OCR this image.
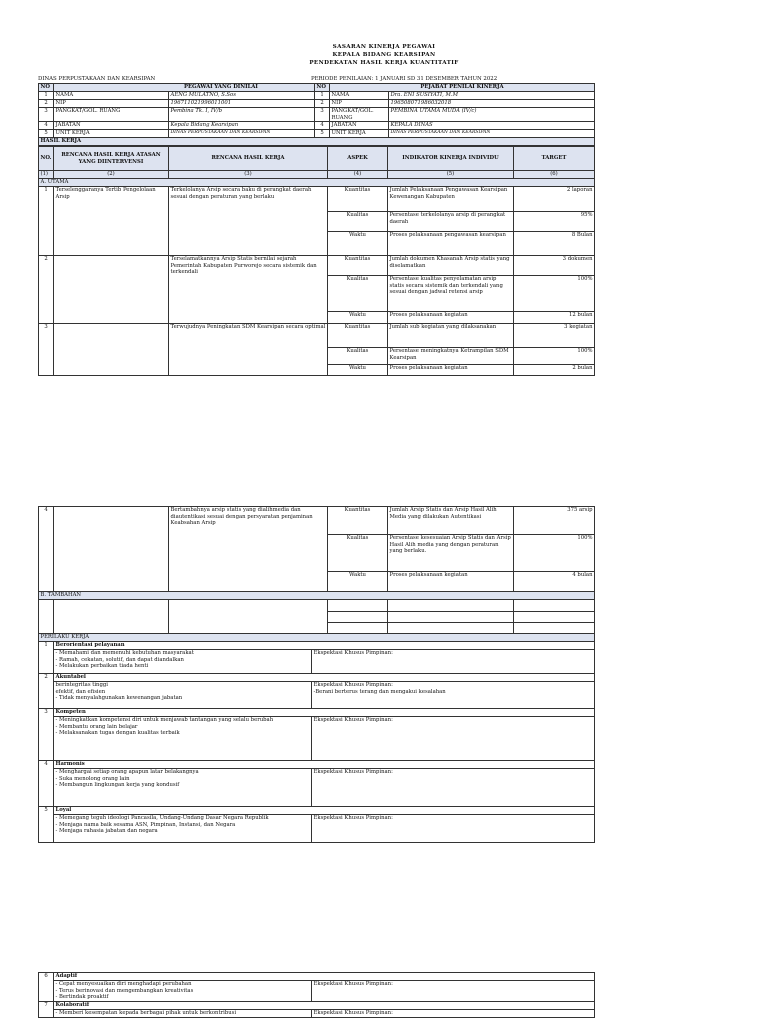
SASARAN KINERJA PEGAWAI
KEPALA BIDANG KEARSIPAN
PENDEKATAN HASIL KERJA KUANTITATIF
DINAS PERPUSTAKAAN DAN KEARSIPAN	PERIODE PENILAIAN: 1 JANUARI SD 31 DESEMBER TAHUN 2022
NO	PEGAWAI YANG DINILAI		NO	PEJABAT PENILAI KINERJA	
1	NAMA	AENG MULATNO, S.Sos	1	NAMA	Dra. ENI SUSIYATI, M.M
2	NIP	196711021996011001	2	NIP	196508071986032018
3	PANGKAT/GOL. RUANG	Pembina Tk. I, IV/b	3	PANGKAT/GOL. RUANG	PEMBINA UTAMA MUDA (IV/c)
4	JABATAN	Kepala Bidang Kearsipan	4	JABATAN	KEPALA DINAS
5	UNIT KERJA	DINAS PERPUSTAKAAN DAN KEARSIPAN	5	UNIT KERJA	DINAS PERPUSTAKAAN DAN KEARSIPAN
HASIL KERJA					
NO.	RENCANA HASIL KERJA ATASAN YANG DIINTERVENSI	RENCANA HASIL KERJA	ASPEK	INDIKATOR KINERJA INDIVIDU	TARGET
(1)	(2)	(3)	(4)	(5)	(6)
A. UTAMA					
1	Terselenggaranya Tertib Pengelolaan Arsip	Terkelolanya Arsip secara baku di perangkat daerah sesuai dengan peraturan yang berlaku	Kuantitas	Jumlah Pelaksanaan Pengawasan Kearsipan Kewenangan Kabupaten	2 laporan
			Kualitas	Persentase terkelolanya arsip di perangkat daerah	95%
			Waktu	Proses pelaksanaan pengawasan kearsipan	8 Bulan
2		Terselamatkannya Arsip Statis bernilai sejarah Pemerintah Kabupaten Purworejo secara sistemik dan terkendali	Kuantitas	Jumlah dokumen Khasanah Arsip statis yang diselamatkan	3 dokumen
			Kualitas	Persentase kualitas penyelamatan arsip statis secara sistemik dan terkendali yang sesuai dengan jadwal retensi arsip	100%
			Waktu	Proses pelaksanaan kegiatan	12 bulan
3		Terwujudnya Peningkatan SDM Kearsipan secara optimal	Kuantitas	Jumlah sub kegiatan yang dilaksanakan	3 kegiatan
			Kualitas	Persentase meningkatnya Ketrampilan SDM Kearsipan	100%
			Waktu	Proses pelaksanaan kegiatan	2 bulan
4		Bertambahnya arsip statis yang dialihmedia dan diautentikasi sesuai dengan persyaratan penjaminan Keabsahan Arsip	Kuantitas	Jumlah Arsip Statis dan Arsip Hasil Alih Media yang dilakukan Autentikasi	375 arsip
			Kualitas	Persentase kesesuaian Arsip Statis dan Arsip Hasil Alih media yang dengan peraturan yang berlaku.	100%
			Waktu	Proses pelaksanaan kegiatan	4 bulan
B. TAMBAHAN					

PERILAKU KERJA		
1	Berorientasi pelayanan	

	- Memahami dan memenuhi kebutuhan masyarakat
- Ramah, cekatan, solutif, dan dapat diandalkan
- Melakukan perbaikan tiada henti	Ekspektasi Khusus Pimpinan:
2	Akuntabel	

	berintegritas tinggi
efektif, dan efisien
- Tidak menyalahgunakan kewenangan jabatan	Ekspektasi Khusus Pimpinan:
-Berani berterus terang dan mengakui kesalahan

3	Kompeten	

	- Meningkatkan kompetensi diri untuk menjawab tantangan yang selalu berubah
- Membantu orang lain belajar
- Melaksanakan tugas dengan kualitas terbaik	Ekspektasi Khusus Pimpinan:
4	Harmonis	

	- Menghargai setiap orang apapun latar belakangnya
- Suka menolong orang lain
- Membangun lingkungan kerja yang kondusif	Ekspektasi Khusus Pimpinan:
5	Loyal	

	- Memegang teguh ideologi Pancasila, Undang-Undang Dasar Negara Republik
- Menjaga nama baik sesama ASN, Pimpinan, Instansi, dan Negara
- Menjaga rahasia jabatan dan negara	Ekspektasi Khusus Pimpinan:
6	Adaptif	

	- Cepat menyesuaikan diri menghadapi perubahan
- Terus berinovasi dan mengembangkan kreativitas
- Bertindak proaktif	Ekspektasi Khusus Pimpinan:
7	Kolaboratif	
	- Memberi kesempatan kepada berbagai pihak untuk berkontribusi	Ekspektasi Khusus Pimpinan:
